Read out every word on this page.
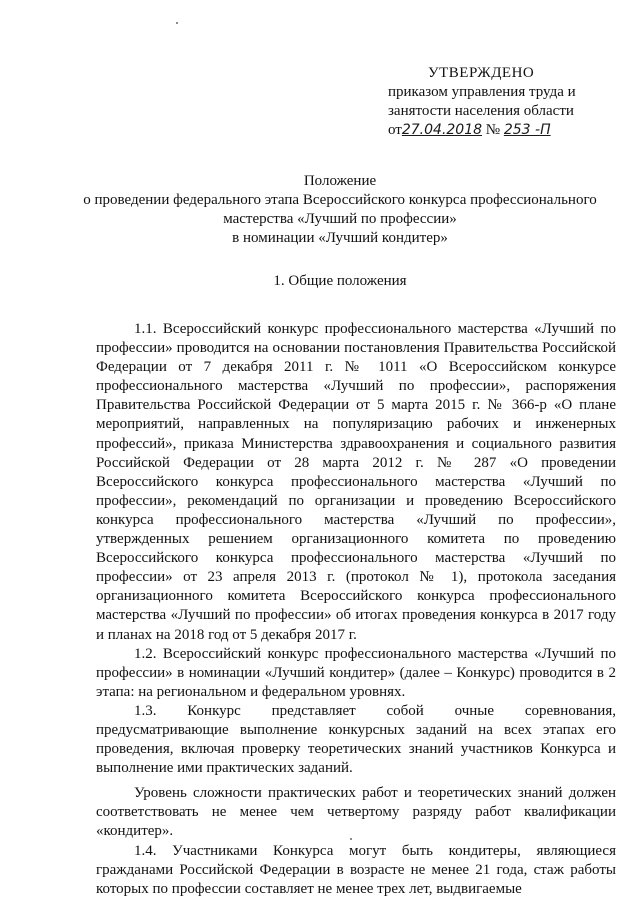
УТВЕРЖДЕНО
приказом управления труда и
занятости населения области
от27.04.2018 № 253 -П
Положение
о проведении федерального этапа Всероссийского конкурса профессионального
мастерства «Лучший по профессии»
в номинации «Лучший кондитер»
1. Общие положения

1.1. Всероссийский конкурс профессионального мастерства «Лучший по профессии» проводится на основании постановления Правительства Российской Федерации от 7 декабря 2011 г. № 1011 «О Всероссийском конкурсе профессионального мастерства «Лучший по профессии», распоряжения Правительства Российской Федерации от 5 марта 2015 г. № 366-р «О плане мероприятий, направленных на популяризацию рабочих и инженерных профессий», приказа Министерства здравоохранения и социального развития Российской Федерации от 28 марта 2012 г. № 287 «О проведении Всероссийского конкурса профессионального мастерства «Лучший по профессии», рекомендаций по организации и проведению Всероссийского конкурса профессионального мастерства «Лучший по профессии», утвержденных решением организационного комитета по проведению Всероссийского конкурса профессионального мастерства «Лучший по профессии» от 23 апреля 2013 г. (протокол № 1), протокола заседания организационного комитета Всероссийского конкурса профессионального мастерства «Лучший по профессии» об итогах проведения конкурса в 2017 году и планах на 2018 год от 5 декабря 2017 г.

1.2. Всероссийский конкурс профессионального мастерства «Лучший по профессии» в номинации «Лучший кондитер» (далее – Конкурс) проводится в 2 этапа: на региональном и федеральном уровнях.

1.3. Конкурс представляет собой очные соревнования, предусматривающие выполнение конкурсных заданий на всех этапах его проведения, включая проверку теоретических знаний участников Конкурса и выполнение ими практических заданий.

Уровень сложности практических работ и теоретических знаний должен соответствовать не менее чем четвертому разряду работ квалификации «кондитер».

1.4. Участниками Конкурса могут быть кондитеры, являющиеся гражданами Российской Федерации в возрасте не менее 21 года, стаж работы которых по профессии составляет не менее трех лет, выдвигаемые
